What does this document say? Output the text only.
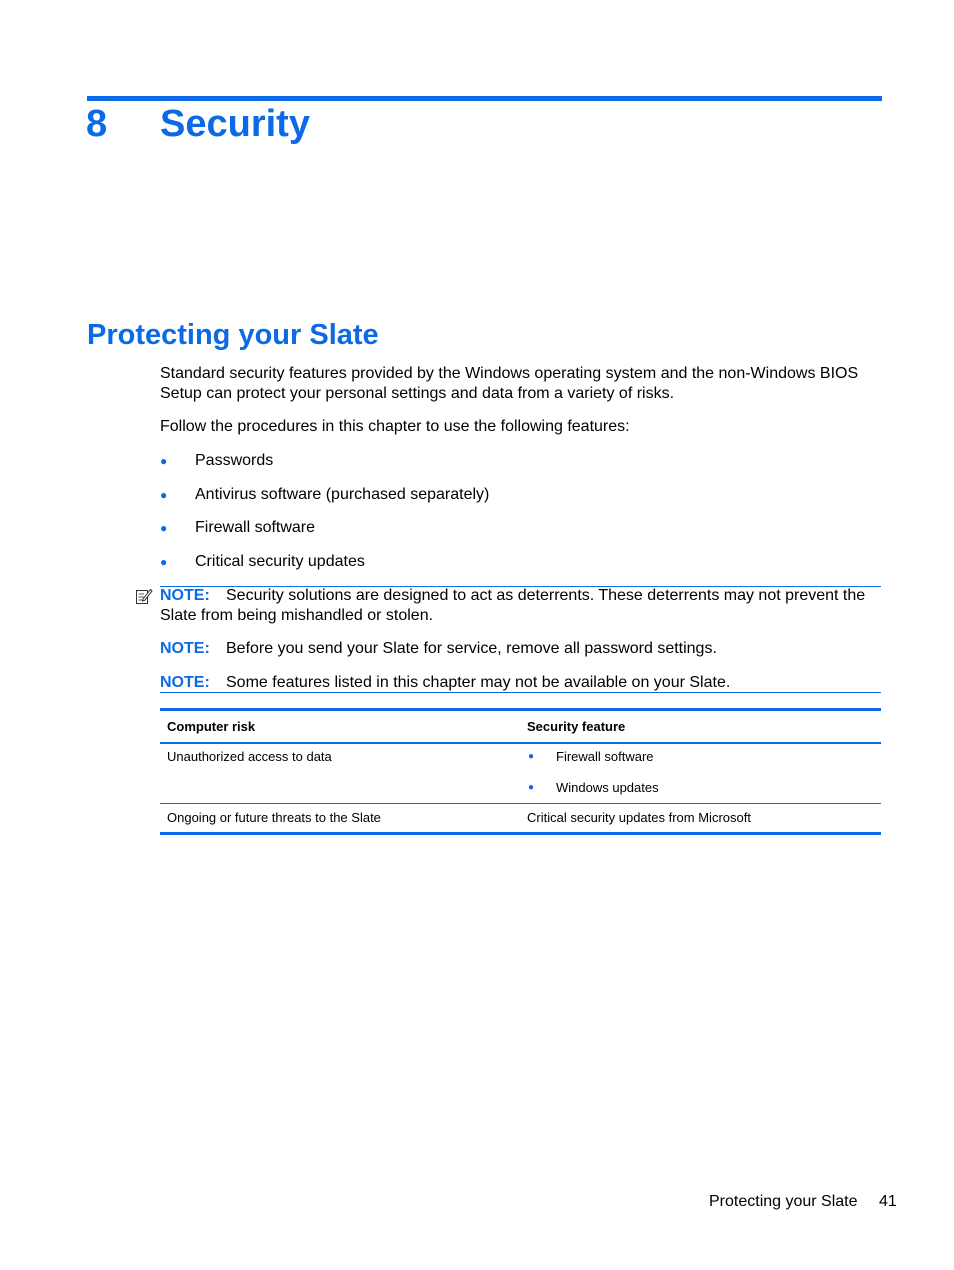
8 Security
Protecting your Slate
Standard security features provided by the Windows operating system and the non-Windows BIOS Setup can protect your personal settings and data from a variety of risks.
Follow the procedures in this chapter to use the following features:
● Passwords
● Antivirus software (purchased separately)
● Firewall software
● Critical security updates
NOTE: Security solutions are designed to act as deterrents. These deterrents may not prevent the Slate from being mishandled or stolen.
NOTE: Before you send your Slate for service, remove all password settings.
NOTE: Some features listed in this chapter may not be available on your Slate.
Computer risk	Security feature
Unauthorized access to data	● Firewall software
● Windows updates
Ongoing or future threats to the Slate	Critical security updates from Microsoft
Protecting your Slate 41
